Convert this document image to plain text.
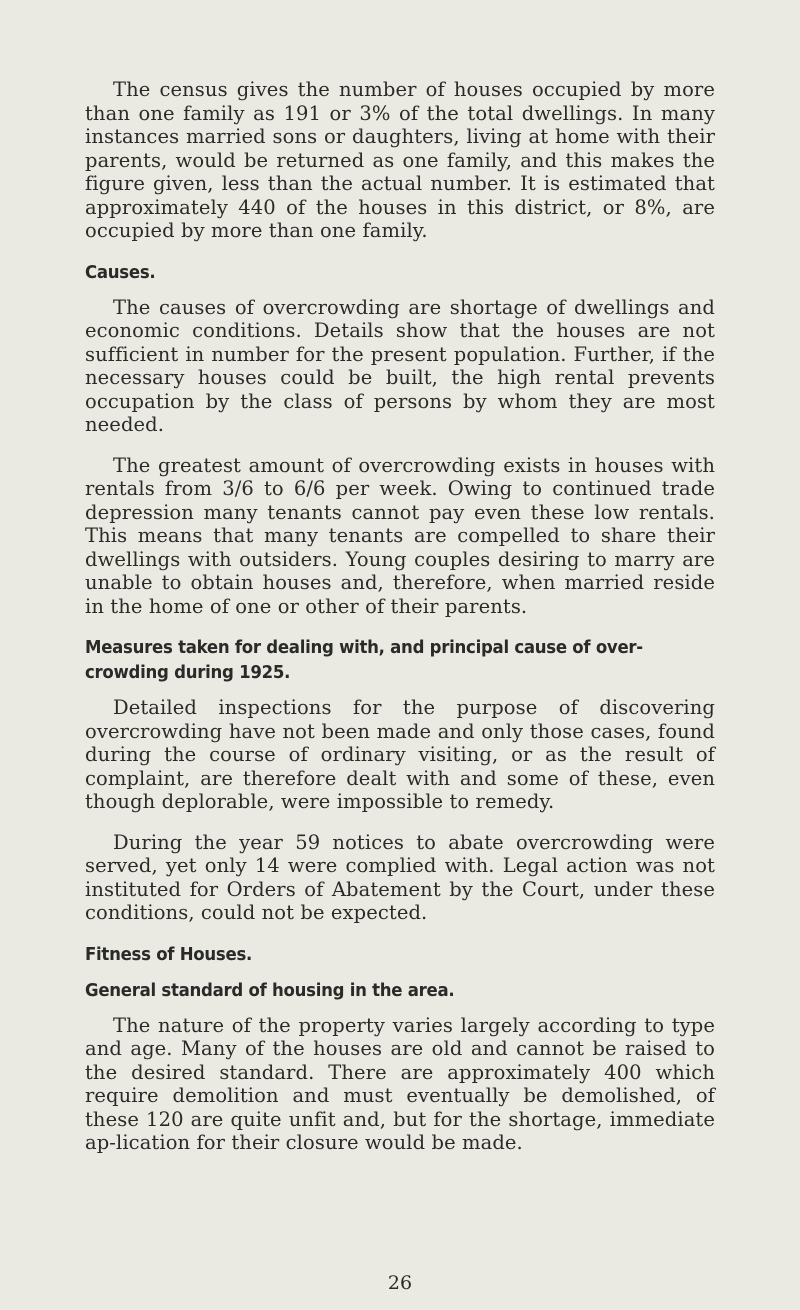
The census gives the number of houses occupied by more than one family as 191 or 3% of the total dwellings. In many instances married sons or daughters, living at home with their parents, would be returned as one family, and this makes the figure given, less than the actual number. It is estimated that approximately 440 of the houses in this district, or 8%, are occupied by more than one family.

Causes.

The causes of overcrowding are shortage of dwellings and economic conditions. Details show that the houses are not sufficient in number for the present population. Further, if the necessary houses could be built, the high rental prevents occupation by the class of persons by whom they are most needed.

The greatest amount of overcrowding exists in houses with rentals from 3/6 to 6/6 per week. Owing to continued trade depression many tenants cannot pay even these low rentals. This means that many tenants are compelled to share their dwellings with outsiders. Young couples desiring to marry are unable to obtain houses and, therefore, when married reside in the home of one or other of their parents.

Measures taken for dealing with, and principal cause of over-crowding during 1925.

Detailed inspections for the purpose of discovering overcrowding have not been made and only those cases, found during the course of ordinary visiting, or as the result of complaint, are therefore dealt with and some of these, even though deplorable, were impossible to remedy.

During the year 59 notices to abate overcrowding were served, yet only 14 were complied with. Legal action was not instituted for Orders of Abatement by the Court, under these conditions, could not be expected.

Fitness of Houses.
General standard of housing in the area.

The nature of the property varies largely according to type and age. Many of the houses are old and cannot be raised to the desired standard. There are approximately 400 which require demolition and must eventually be demolished, of these 120 are quite unfit and, but for the shortage, immediate ap-lication for their closure would be made.

26
